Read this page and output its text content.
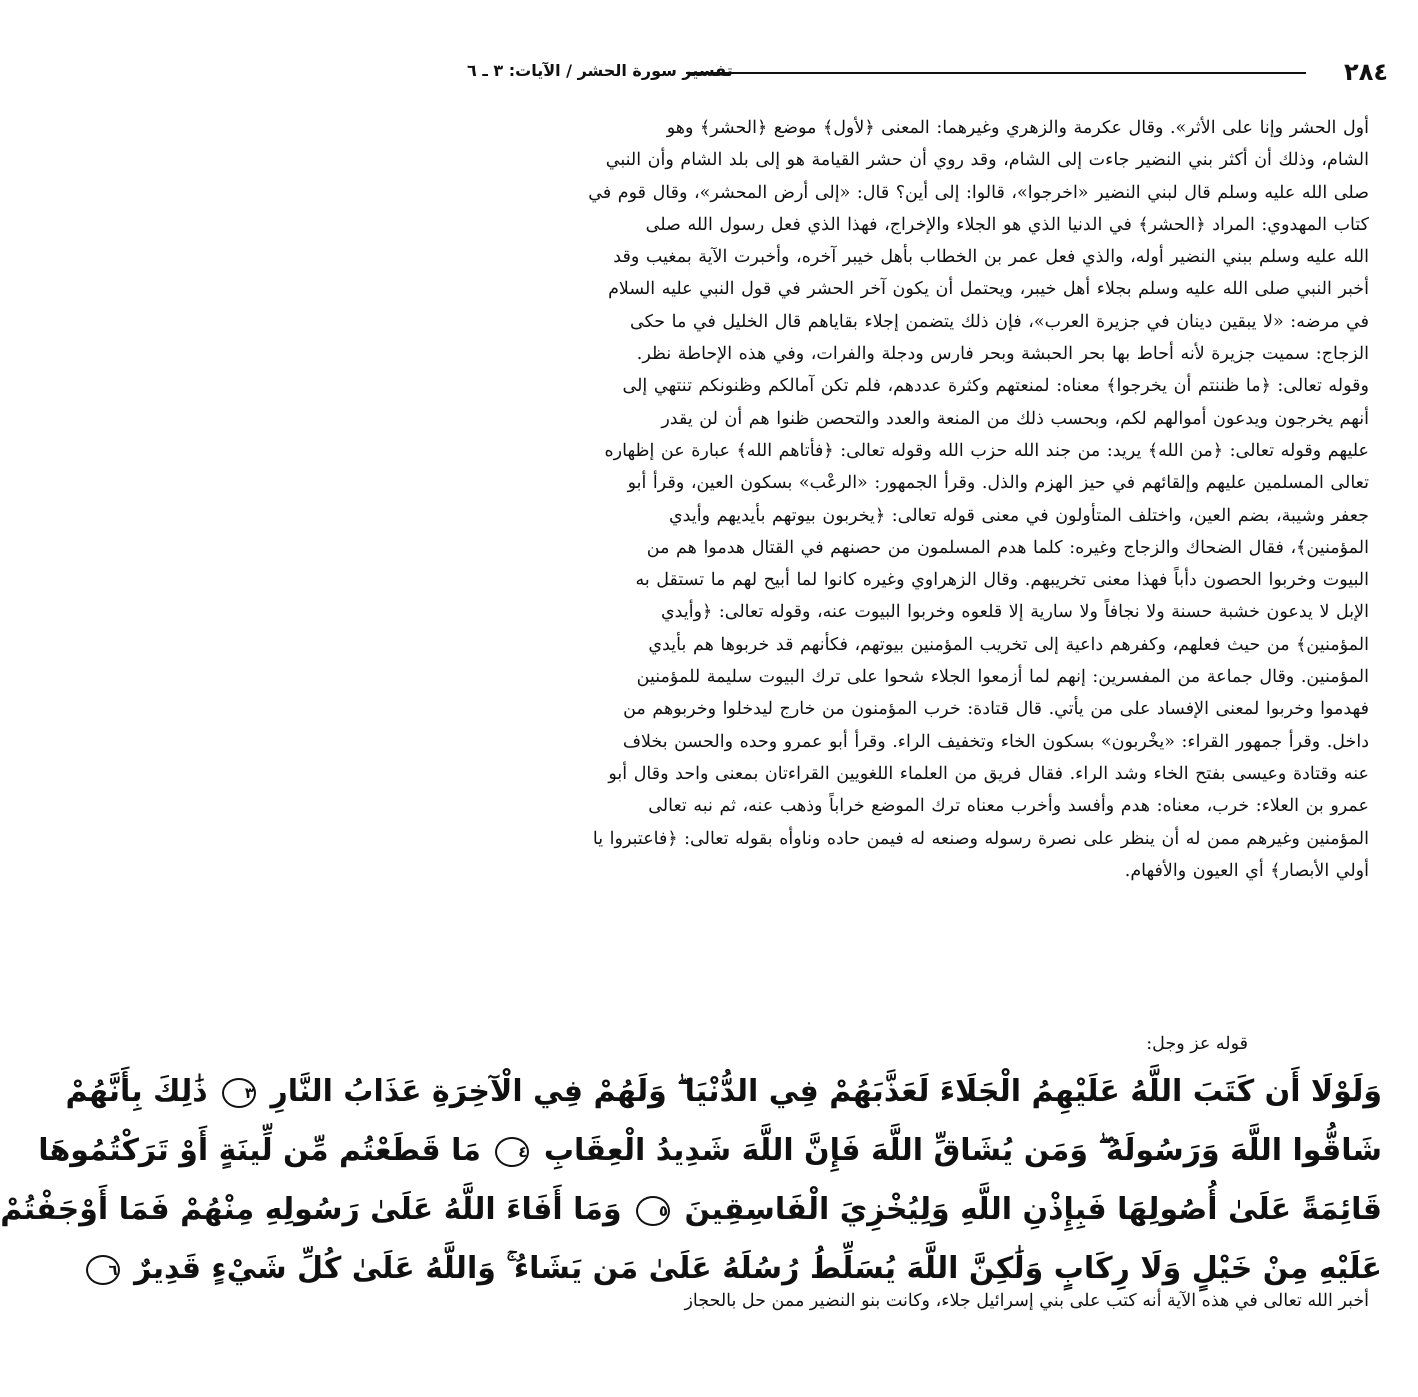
٢٨٤
تفسير سورة الحشر / الآيات: ٣ ـ ٦
أول الحشر وإنا على الأثر». وقال عكرمة والزهري وغيرهما: المعنى ﴿لأول﴾ موضع ﴿الحشر﴾ وهو
الشام، وذلك أن أكثر بني النضير جاءت إلى الشام، وقد روي أن حشر القيامة هو إلى بلد الشام وأن النبي
صلى الله عليه وسلم قال لبني النضير «اخرجوا»، قالوا: إلى أين؟ قال: «إلى أرض المحشر»، وقال قوم في
كتاب المهدوي: المراد ﴿الحشر﴾ في الدنيا الذي هو الجلاء والإخراج، فهذا الذي فعل رسول الله صلى
الله عليه وسلم ببني النضير أوله، والذي فعل عمر بن الخطاب بأهل خيبر آخره، وأخبرت الآية بمغيب وقد
أخبر النبي صلى الله عليه وسلم بجلاء أهل خيبر، ويحتمل أن يكون آخر الحشر في قول النبي عليه السلام
في مرضه: «لا يبقين دينان في جزيرة العرب»، فإن ذلك يتضمن إجلاء بقاياهم قال الخليل في ما حكى
الزجاج: سميت جزيرة لأنه أحاط بها بحر الحبشة وبحر فارس ودجلة والفرات، وفي هذه الإحاطة نظر.
وقوله تعالى: ﴿ما ظننتم أن يخرجوا﴾ معناه: لمنعتهم وكثرة عددهم، فلم تكن آمالكم وظنونكم تنتهي إلى
أنهم يخرجون ويدعون أموالهم لكم، وبحسب ذلك من المنعة والعدد والتحصن ظنوا هم أن لن يقدر
عليهم وقوله تعالى: ﴿من الله﴾ يريد: من جند الله حزب الله وقوله تعالى: ﴿فأتاهم الله﴾ عبارة عن إظهاره
تعالى المسلمين عليهم وإلقائهم في حيز الهزم والذل. وقرأ الجمهور: «الرعْب» بسكون العين، وقرأ أبو
جعفر وشيبة، بضم العين، واختلف المتأولون في معنى قوله تعالى: ﴿يخربون بيوتهم بأيديهم وأيدي
المؤمنين﴾، فقال الضحاك والزجاج وغيره: كلما هدم المسلمون من حصنهم في القتال هدموا هم من
البيوت وخربوا الحصون دأباً فهذا معنى تخريبهم. وقال الزهراوي وغيره كانوا لما أبيح لهم ما تستقل به
الإبل لا يدعون خشبة حسنة ولا نجافاً ولا سارية إلا قلعوه وخربوا البيوت عنه، وقوله تعالى: ﴿وأيدي
المؤمنين﴾ من حيث فعلهم، وكفرهم داعية إلى تخريب المؤمنين بيوتهم، فكأنهم قد خربوها هم بأيدي
المؤمنين. وقال جماعة من المفسرين: إنهم لما أزمعوا الجلاء شحوا على ترك البيوت سليمة للمؤمنين
فهدموا وخربوا لمعنى الإفساد على من يأتي. قال قتادة: خرب المؤمنون من خارج ليدخلوا وخربوهم من
داخل. وقرأ جمهور القراء: «يخْربون» بسكون الخاء وتخفيف الراء. وقرأ أبو عمرو وحده والحسن بخلاف
عنه وقتادة وعيسى بفتح الخاء وشد الراء. فقال فريق من العلماء اللغويين القراءتان بمعنى واحد وقال أبو
عمرو بن العلاء: خرب، معناه: هدم وأفسد وأخرب معناه ترك الموضع خراباً وذهب عنه، ثم نبه تعالى
المؤمنين وغيرهم ممن له أن ينظر على نصرة رسوله وصنعه له فيمن حاده وناوأه بقوله تعالى: ﴿فاعتبروا يا
أولي الأبصار﴾ أي العيون والأفهام.
قوله عز وجل:
وَلَوْلَا أَن كَتَبَ اللَّهُ عَلَيْهِمُ الْجَلَاءَ لَعَذَّبَهُمْ فِي الدُّنْيَا ۖ وَلَهُمْ فِي الْآخِرَةِ عَذَابُ النَّارِ ٣ ذَٰلِكَ بِأَنَّهُمْ
شَاقُّوا اللَّهَ وَرَسُولَهُ ۖ وَمَن يُشَاقِّ اللَّهَ فَإِنَّ اللَّهَ شَدِيدُ الْعِقَابِ ٤ مَا قَطَعْتُم مِّن لِّينَةٍ أَوْ تَرَكْتُمُوهَا
قَائِمَةً عَلَىٰ أُصُولِهَا فَبِإِذْنِ اللَّهِ وَلِيُخْزِيَ الْفَاسِقِينَ ٥ وَمَا أَفَاءَ اللَّهُ عَلَىٰ رَسُولِهِ مِنْهُمْ فَمَا أَوْجَفْتُمْ
عَلَيْهِ مِنْ خَيْلٍ وَلَا رِكَابٍ وَلَٰكِنَّ اللَّهَ يُسَلِّطُ رُسُلَهُ عَلَىٰ مَن يَشَاءُ ۚ وَاللَّهُ عَلَىٰ كُلِّ شَيْءٍ قَدِيرٌ ٦
أخبر الله تعالى في هذه الآية أنه كتب على بني إسرائيل جلاء، وكانت بنو النضير ممن حل بالحجاز
